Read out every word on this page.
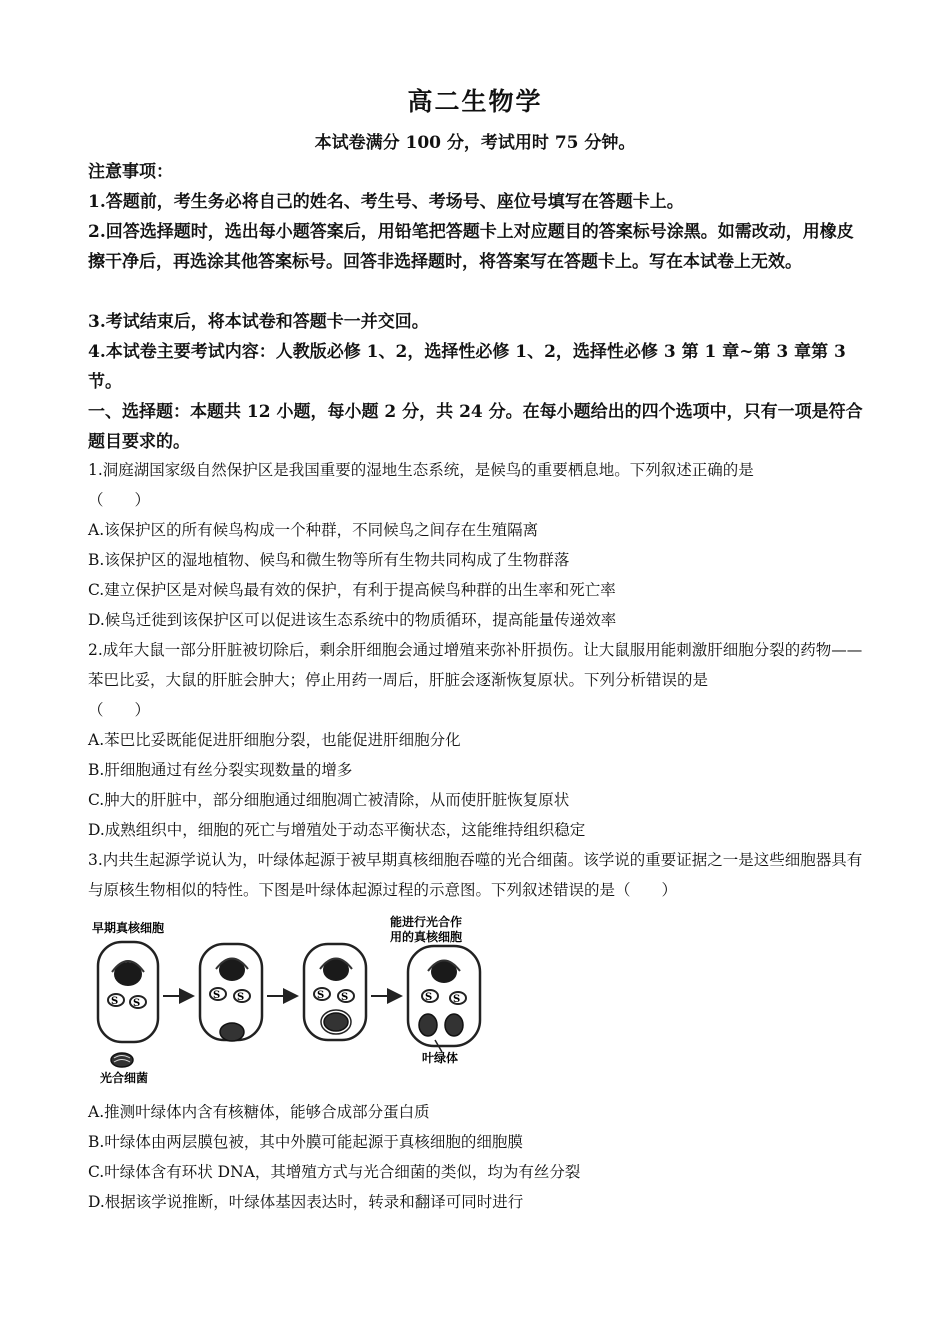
高二生物学
本试卷满分 100 分，考试用时 75 分钟。
注意事项：
1.答题前，考生务必将自己的姓名、考生号、考场号、座位号填写在答题卡上。
2.回答选择题时，选出每小题答案后，用铅笔把答题卡上对应题目的答案标号涂黑。如需改动，用橡皮擦干净后，再选涂其他答案标号。回答非选择题时，将答案写在答题卡上。写在本试卷上无效。
3.考试结束后，将本试卷和答题卡一并交回。
4.本试卷主要考试内容：人教版必修 1、2，选择性必修 1、2，选择性必修 3 第 1 章~第 3 章第 3 节。
一、选择题：本题共 12 小题，每小题 2 分，共 24 分。在每小题给出的四个选项中，只有一项是符合题目要求的。
1.洞庭湖国家级自然保护区是我国重要的湿地生态系统，是候鸟的重要栖息地。下列叙述正确的是
（　　）
A.该保护区的所有候鸟构成一个种群，不同候鸟之间存在生殖隔离
B.该保护区的湿地植物、候鸟和微生物等所有生物共同构成了生物群落
C.建立保护区是对候鸟最有效的保护，有利于提高候鸟种群的出生率和死亡率
D.候鸟迁徙到该保护区可以促进该生态系统中的物质循环，提高能量传递效率
2.成年大鼠一部分肝脏被切除后，剩余肝细胞会通过增殖来弥补肝损伤。让大鼠服用能刺激肝细胞分裂的药物——苯巴比妥，大鼠的肝脏会肿大；停止用药一周后，肝脏会逐渐恢复原状。下列分析错误的是
（　　）
A.苯巴比妥既能促进肝细胞分裂，也能促进肝细胞分化
B.肝细胞通过有丝分裂实现数量的增多
C.肿大的肝脏中，部分细胞通过细胞凋亡被清除，从而使肝脏恢复原状
D.成熟组织中，细胞的死亡与增殖处于动态平衡状态，这能维持组织稳定
3.内共生起源学说认为，叶绿体起源于被早期真核细胞吞噬的光合细菌。该学说的重要证据之一是这些细胞器具有与原核生物相似的特性。下图是叶绿体起源过程的示意图。下列叙述错误的是（　　）
早期真核细胞	能进行光合作
用的真核细胞
光合细菌
叶绿体
S S
S S	S S	S S
A.推测叶绿体内含有核糖体，能够合成部分蛋白质
B.叶绿体由两层膜包被，其中外膜可能起源于真核细胞的细胞膜
C.叶绿体含有环状 DNA，其增殖方式与光合细菌的类似，均为有丝分裂
D.根据该学说推断，叶绿体基因表达时，转录和翻译可同时进行
